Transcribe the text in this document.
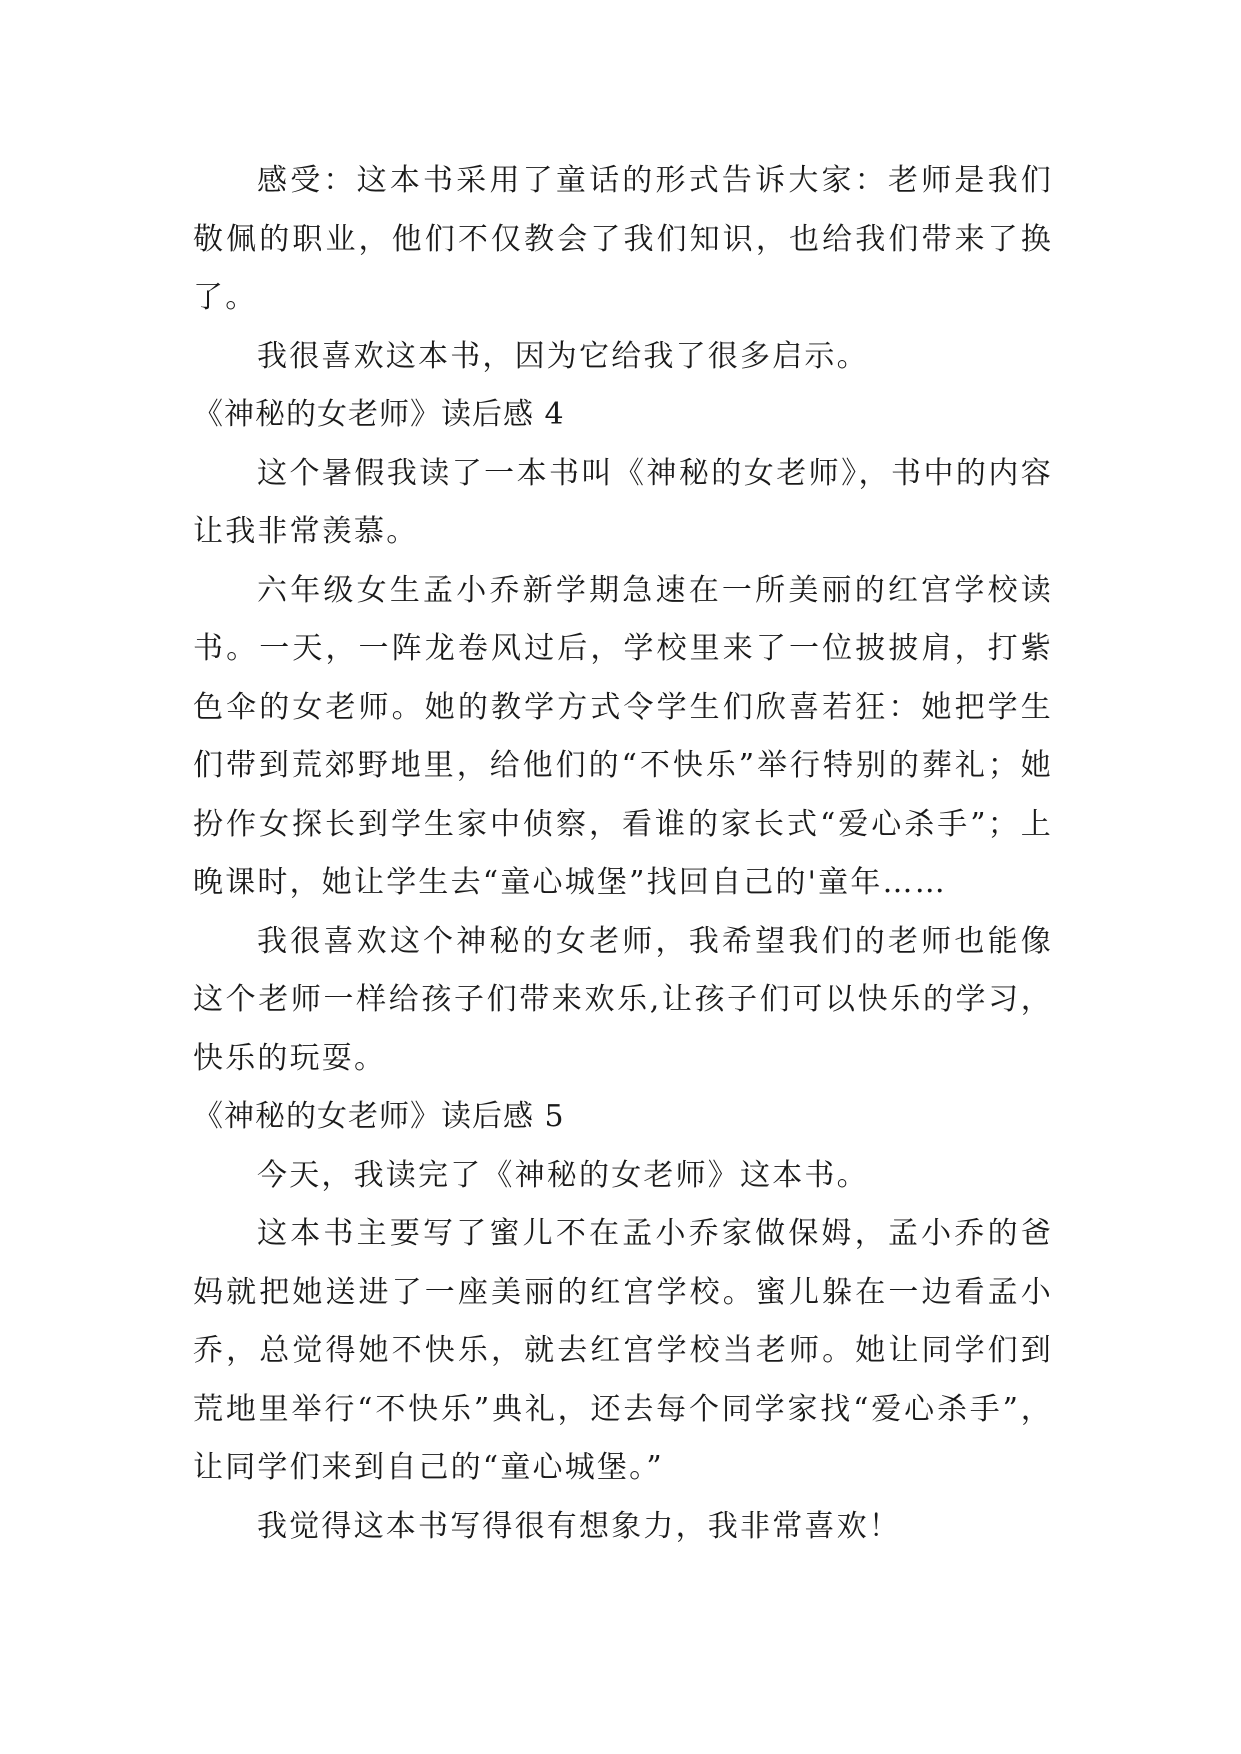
感受：这本书采用了童话的形式告诉大家：老师是我们敬佩的职业，他们不仅教会了我们知识，也给我们带来了换了。

我很喜欢这本书，因为它给我了很多启示。

《神秘的女老师》读后感 4

这个暑假我读了一本书叫《神秘的女老师》，书中的内容让我非常羡慕。

六年级女生孟小乔新学期急速在一所美丽的红宫学校读书。一天，一阵龙卷风过后，学校里来了一位披披肩，打紫色伞的女老师。她的教学方式令学生们欣喜若狂：她把学生们带到荒郊野地里，给他们的“不快乐”举行特别的葬礼；她扮作女探长到学生家中侦察，看谁的家长式“爱心杀手”；上晚课时，她让学生去“童心城堡”找回自己的'童年……

我很喜欢这个神秘的女老师，我希望我们的老师也能像这个老师一样给孩子们带来欢乐,让孩子们可以快乐的学习，快乐的玩耍。

《神秘的女老师》读后感 5

今天，我读完了《神秘的女老师》这本书。

这本书主要写了蜜儿不在孟小乔家做保姆，孟小乔的爸妈就把她送进了一座美丽的红宫学校。蜜儿躲在一边看孟小乔，总觉得她不快乐，就去红宫学校当老师。她让同学们到荒地里举行“不快乐”典礼，还去每个同学家找“爱心杀手”，让同学们来到自己的“童心城堡。”

我觉得这本书写得很有想象力，我非常喜欢！
